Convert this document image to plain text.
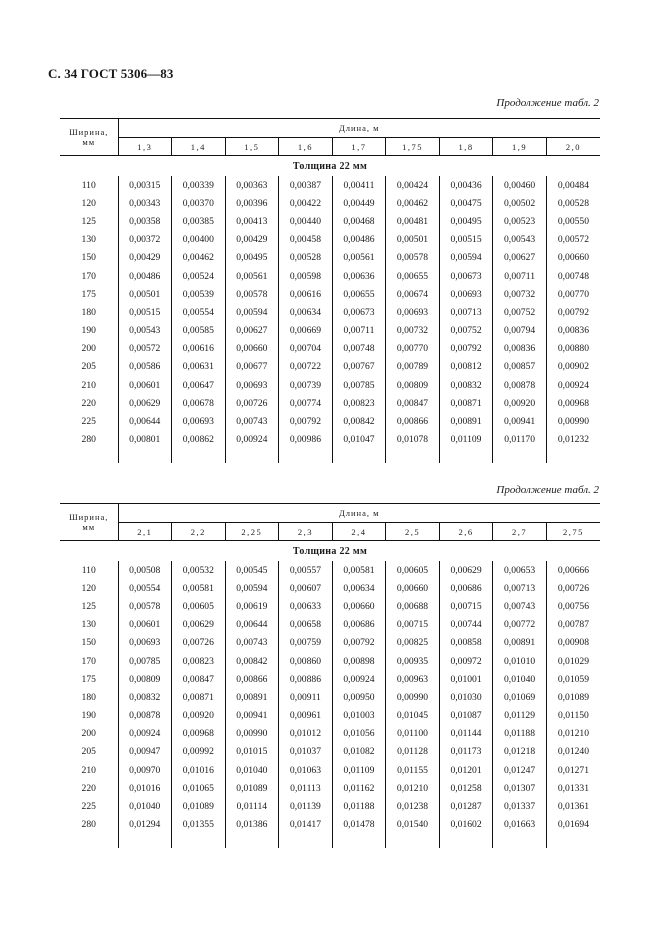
С. 34 ГОСТ 5306—83
Продолжение табл. 2
Ширина,
мм	Длина, м								
	1,3	1,4	1,5	1,6	1,7	1,75	1,8	1,9	2,0
Толщина 22 мм									
110	0,00315	0,00339	0,00363	0,00387	0,00411	0,00424	0,00436	0,00460	0,00484
120	0,00343	0,00370	0,00396	0,00422	0,00449	0,00462	0,00475	0,00502	0,00528
125	0,00358	0,00385	0,00413	0,00440	0,00468	0,00481	0,00495	0,00523	0,00550
130	0,00372	0,00400	0,00429	0,00458	0,00486	0,00501	0,00515	0,00543	0,00572
150	0,00429	0,00462	0,00495	0,00528	0,00561	0,00578	0,00594	0,00627	0,00660
170	0,00486	0,00524	0,00561	0,00598	0,00636	0,00655	0,00673	0,00711	0,00748
175	0,00501	0,00539	0,00578	0,00616	0,00655	0,00674	0,00693	0,00732	0,00770
180	0,00515	0,00554	0,00594	0,00634	0,00673	0,00693	0,00713	0,00752	0,00792
190	0,00543	0,00585	0,00627	0,00669	0,00711	0,00732	0,00752	0,00794	0,00836
200	0,00572	0,00616	0,00660	0,00704	0,00748	0,00770	0,00792	0,00836	0,00880
205	0,00586	0,00631	0,00677	0,00722	0,00767	0,00789	0,00812	0,00857	0,00902
210	0,00601	0,00647	0,00693	0,00739	0,00785	0,00809	0,00832	0,00878	0,00924
220	0,00629	0,00678	0,00726	0,00774	0,00823	0,00847	0,00871	0,00920	0,00968
225	0,00644	0,00693	0,00743	0,00792	0,00842	0,00866	0,00891	0,00941	0,00990
280	0,00801	0,00862	0,00924	0,00986	0,01047	0,01078	0,01109	0,01170	0,01232

Продолжение табл. 2
Ширина,
мм	Длина, м								
	2,1	2,2	2,25	2,3	2,4	2,5	2,6	2,7	2,75
Толщина 22 мм									
110	0,00508	0,00532	0,00545	0,00557	0,00581	0,00605	0,00629	0,00653	0,00666
120	0,00554	0,00581	0,00594	0,00607	0,00634	0,00660	0,00686	0,00713	0,00726
125	0,00578	0,00605	0,00619	0,00633	0,00660	0,00688	0,00715	0,00743	0,00756
130	0,00601	0,00629	0,00644	0,00658	0,00686	0,00715	0,00744	0,00772	0,00787
150	0,00693	0,00726	0,00743	0,00759	0,00792	0,00825	0,00858	0,00891	0,00908
170	0,00785	0,00823	0,00842	0,00860	0,00898	0,00935	0,00972	0,01010	0,01029
175	0,00809	0,00847	0,00866	0,00886	0,00924	0,00963	0,01001	0,01040	0,01059
180	0,00832	0,00871	0,00891	0,00911	0,00950	0,00990	0,01030	0,01069	0,01089
190	0,00878	0,00920	0,00941	0,00961	0,01003	0,01045	0,01087	0,01129	0,01150
200	0,00924	0,00968	0,00990	0,01012	0,01056	0,01100	0,01144	0,01188	0,01210
205	0,00947	0,00992	0,01015	0,01037	0,01082	0,01128	0,01173	0,01218	0,01240
210	0,00970	0,01016	0,01040	0,01063	0,01109	0,01155	0,01201	0,01247	0,01271
220	0,01016	0,01065	0,01089	0,01113	0,01162	0,01210	0,01258	0,01307	0,01331
225	0,01040	0,01089	0,01114	0,01139	0,01188	0,01238	0,01287	0,01337	0,01361
280	0,01294	0,01355	0,01386	0,01417	0,01478	0,01540	0,01602	0,01663	0,01694
